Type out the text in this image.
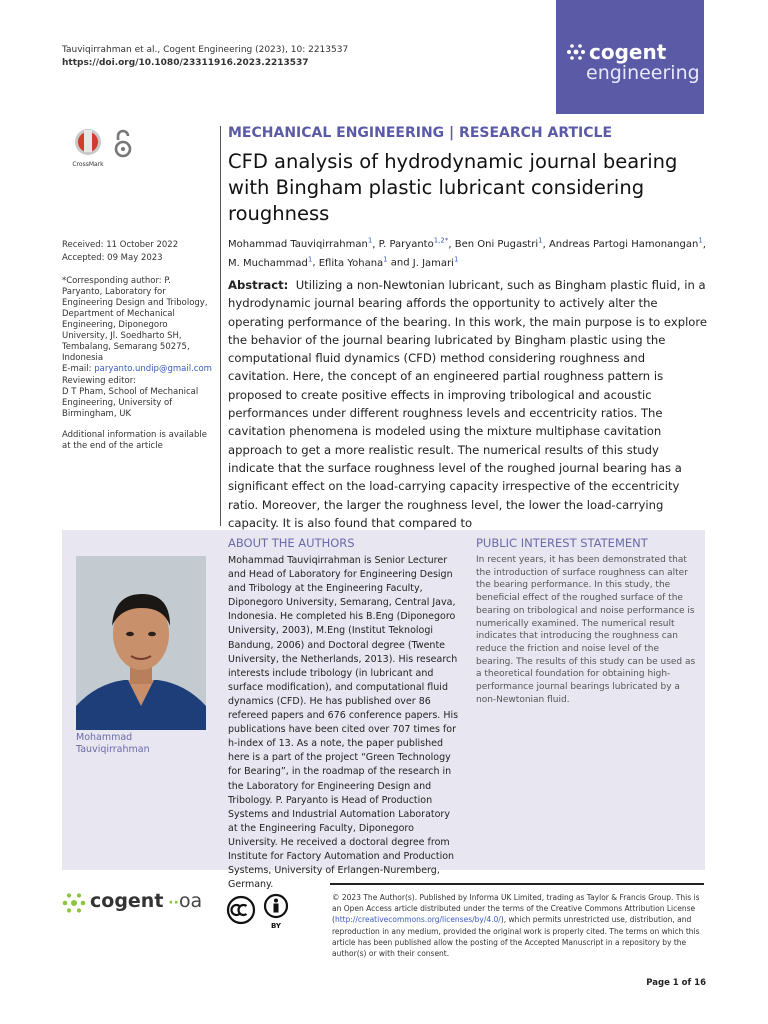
Tauviqirrahman et al., Cogent Engineering (2023), 10: 2213537
https://doi.org/10.1080/23311916.2023.2213537	cogent
engineering
CrossMark
MECHANICAL ENGINEERING | RESEARCH ARTICLE
CFD analysis of hydrodynamic journal bearing with Bingham plastic lubricant considering roughness
Mohammad Tauviqirrahman$^1$, P. Paryanto$^{1,2*}$, Ben Oni Pugastri$^1$, Andreas Partogi Hamonangan$^1$, M. Muchammad$^1$, Eflita Yohana$^1$ and J. Jamari$^1$
Abstract: Utilizing a non-Newtonian lubricant, such as Bingham plastic fluid, in a hydrodynamic journal bearing affords the opportunity to actively alter the operating performance of the bearing. In this work, the main purpose is to explore the behavior of the journal bearing lubricated by Bingham plastic using the computational fluid dynamics (CFD) method considering roughness and cavitation. Here, the concept of an engineered partial roughness pattern is proposed to create positive effects in improving tribological and acoustic performances under different roughness levels and eccentricity ratios. The cavitation phenomena is modeled using the mixture multiphase cavitation approach to get a more realistic result. The numerical results of this study indicate that the surface roughness level of the roughed journal bearing has a significant effect on the load-carrying capacity irrespective of the eccentricity ratio. Moreover, the larger the roughness level, the lower the load-carrying capacity. It is also found that compared to
Received: 11 October 2022
Accepted: 09 May 2023
*Corresponding author: P. Paryanto, Laboratory for Engineering Design and Tribology, Department of Mechanical Engineering, Diponegoro University, Jl. Soedharto SH, Tembalang, Semarang 50275, Indonesia
E-mail: paryanto.undip@gmail.com
Reviewing editor:
D T Pham, School of Mechanical Engineering, University of Birmingham, UK
Additional information is available at the end of the article
Mohammad Tauviqirrahman
ABOUT THE AUTHORS
Mohammad Tauviqirrahman is Senior Lecturer and Head of Laboratory for Engineering Design and Tribology at the Engineering Faculty, Diponegoro University, Semarang, Central Java, Indonesia. He completed his B.Eng (Diponegoro University, 2003), M.Eng (Institut Teknologi Bandung, 2006) and Doctoral degree (Twente University, the Netherlands, 2013). His research interests include tribology (in lubricant and surface modification), and computational fluid dynamics (CFD). He has published over 86 refereed papers and 676 conference papers. His publications have been cited over 707 times for h-index of 13. As a note, the paper published here is a part of the project “Green Technology for Bearing”, in the roadmap of the research in the Laboratory for Engineering Design and Tribology. P. Paryanto is Head of Production Systems and Industrial Automation Laboratory at the Engineering Faculty, Diponegoro University. He received a doctoral degree from Institute for Factory Automation and Production Systems, University of Erlangen-Nuremberg, Germany.
PUBLIC INTEREST STATEMENT
In recent years, it has been demonstrated that the introduction of surface roughness can alter the bearing performance. In this study, the beneficial effect of the roughed surface of the bearing on tribological and noise performance is numerically examined. The numerical result indicates that introducing the roughness can reduce the friction and noise level of the bearing. The results of this study can be used as a theoretical foundation for obtaining high-performance journal bearings lubricated by a non-Newtonian fluid.
cogent ··oa
BY
© 2023 The Author(s). Published by Informa UK Limited, trading as Taylor & Francis Group. This is an Open Access article distributed under the terms of the Creative Commons Attribution License (http://creativecommons.org/licenses/by/4.0/), which permits unrestricted use, distribution, and reproduction in any medium, provided the original work is properly cited. The terms on which this article has been published allow the posting of the Accepted Manuscript in a repository by the author(s) or with their consent.
Page 1 of 16
